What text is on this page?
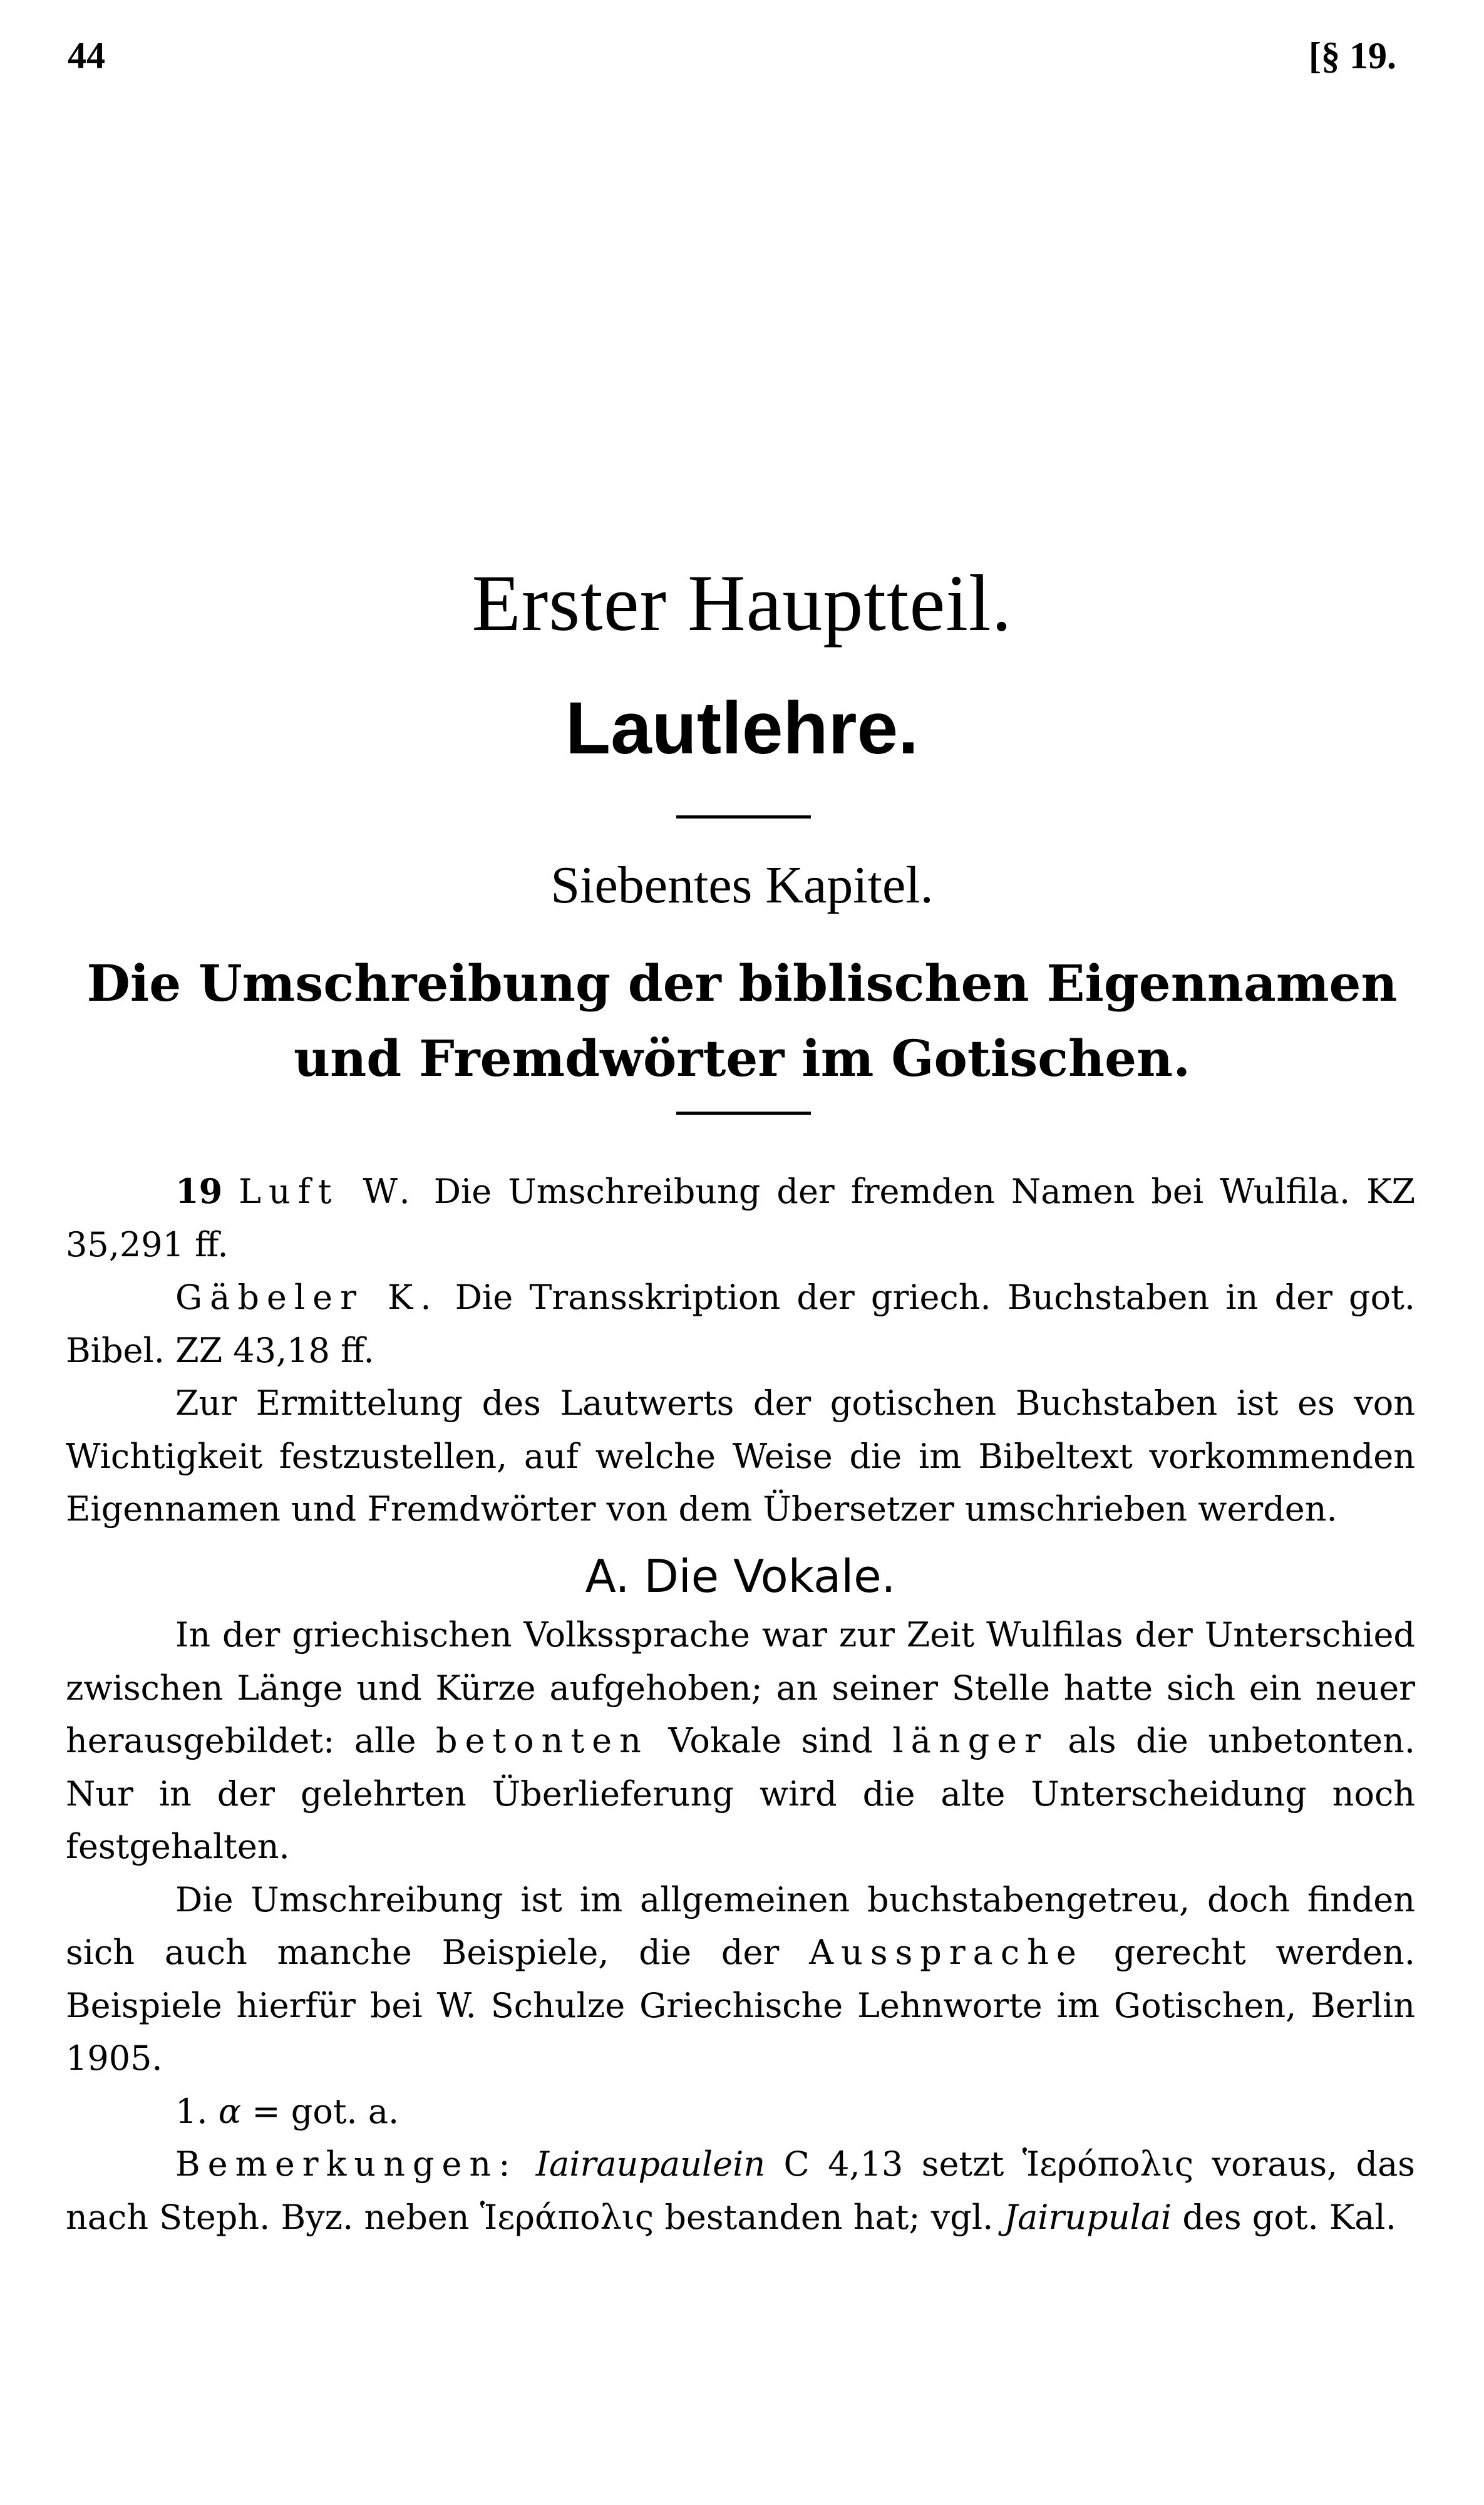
44	[§ 19.
Erster Hauptteil.
Lautlehre.
Siebentes Kapitel.
Die Umschreibung der biblischen Eigennamen
und Fremdwörter im Gotischen.

19 Luft W. Die Umschreibung der fremden Namen bei Wulfila. KZ 35,291 ff.

Gäbeler K. Die Transskription der griech. Buchstaben in der got. Bibel. ZZ 43,18 ff.

Zur Ermittelung des Lautwerts der gotischen Buchstaben ist es von Wichtigkeit festzustellen, auf welche Weise die im Bibeltext vorkommenden Eigennamen und Fremdwörter von dem Übersetzer umschrieben werden.

A. Die Vokale.

In der griechischen Volkssprache war zur Zeit Wulfilas der Unterschied zwischen Länge und Kürze aufgehoben; an seiner Stelle hatte sich ein neuer herausgebildet: alle betonten Vokale sind länger als die unbetonten. Nur in der gelehrten Überlieferung wird die alte Unterscheidung noch festgehalten.

Die Umschreibung ist im allgemeinen buchstabengetreu, doch finden sich auch manche Beispiele, die der Aussprache gerecht werden. Beispiele hierfür bei W. Schulze Griechische Lehnworte im Gotischen, Berlin 1905.

1. α = got. a.

Bemerkungen: Iairaupaulein C 4,13 setzt Ἱερόπολις voraus, das nach Steph. Byz. neben Ἱεράπολις bestanden hat; vgl. Jairupulai des got. Kal.
